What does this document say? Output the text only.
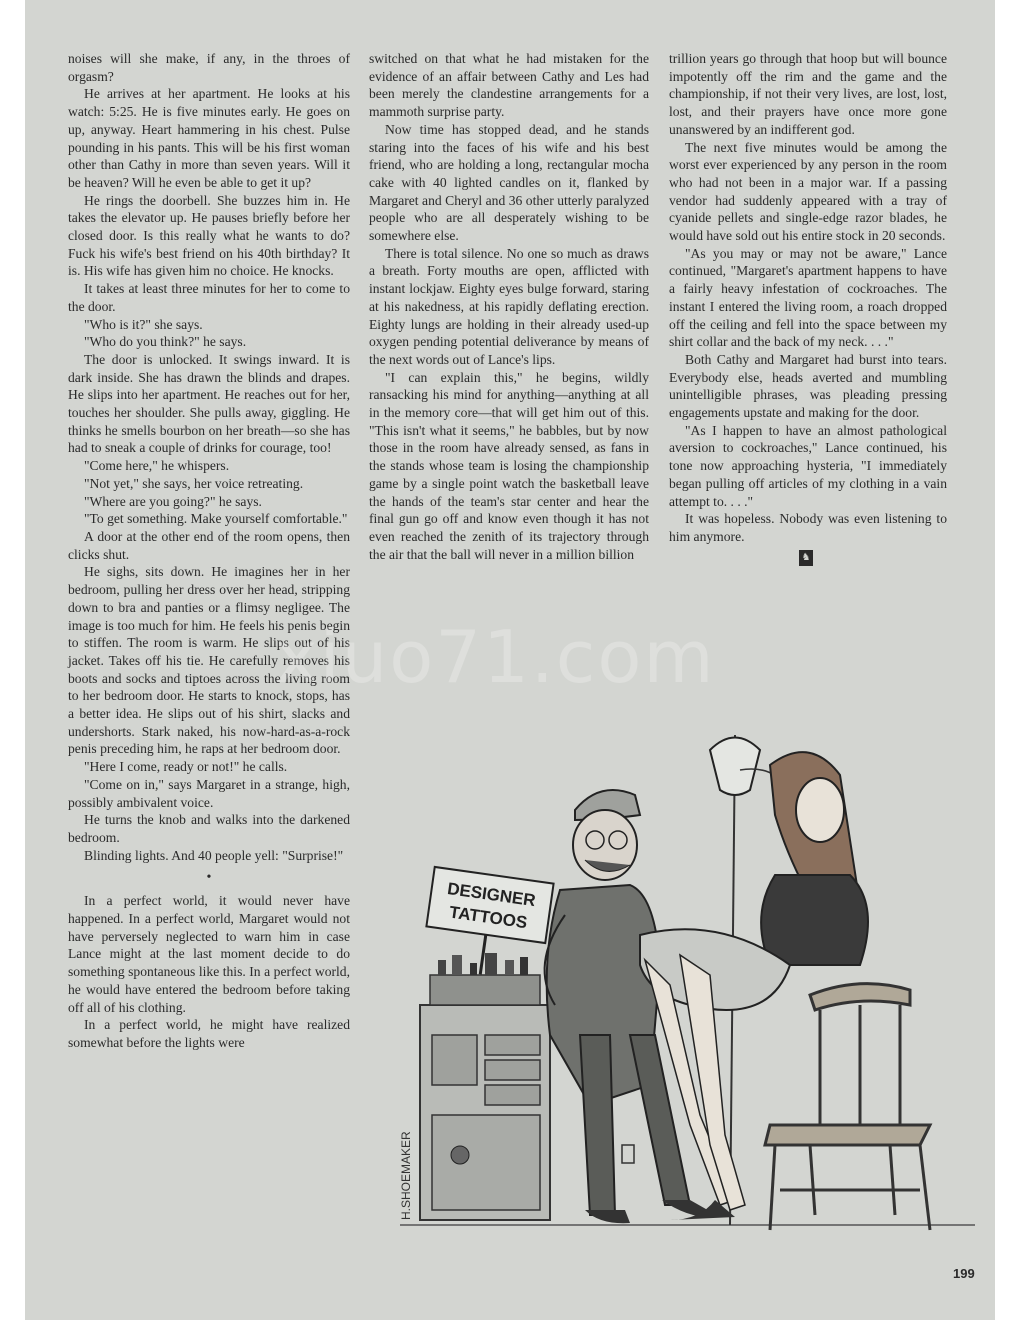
noises will she make, if any, in the throes of orgasm?

He arrives at her apartment. He looks at his watch: 5:25. He is five minutes early. He goes on up, anyway. Heart hammering in his chest. Pulse pounding in his pants. This will be his first woman other than Cathy in more than seven years. Will it be heaven? Will he even be able to get it up?

He rings the doorbell. She buzzes him in. He takes the elevator up. He pauses briefly before her closed door. Is this really what he wants to do? Fuck his wife's best friend on his 40th birthday? It is. His wife has given him no choice. He knocks.

It takes at least three minutes for her to come to the door.

"Who is it?" she says.

"Who do you think?" he says.

The door is unlocked. It swings inward. It is dark inside. She has drawn the blinds and drapes. He slips into her apartment. He reaches out for her, touches her shoulder. She pulls away, giggling. He thinks he smells bourbon on her breath—so she has had to sneak a couple of drinks for courage, too!

"Come here," he whispers.

"Not yet," she says, her voice retreating.

"Where are you going?" he says.

"To get something. Make yourself comfortable."

A door at the other end of the room opens, then clicks shut.

He sighs, sits down. He imagines her in her bedroom, pulling her dress over her head, stripping down to bra and panties or a flimsy negligee. The image is too much for him. He feels his penis begin to stiffen. The room is warm. He slips out of his jacket. Takes off his tie. He carefully removes his boots and socks and tiptoes across the living room to her bedroom door. He starts to knock, stops, has a better idea. He slips out of his shirt, slacks and undershorts. Stark naked, his now-hard-as-a-rock penis preceding him, he raps at her bedroom door.

"Here I come, ready or not!" he calls.

"Come on in," says Margaret in a strange, high, possibly ambivalent voice.

He turns the knob and walks into the darkened bedroom.

Blinding lights. And 40 people yell: "Surprise!"

•

In a perfect world, it would never have happened. In a perfect world, Margaret would not have perversely neglected to warn him in case Lance might at the last moment decide to do something spontaneous like this. In a perfect world, he would have entered the bedroom before taking off all of his clothing.

In a perfect world, he might have realized somewhat before the lights were

switched on that what he had mistaken for the evidence of an affair between Cathy and Les had been merely the clandestine arrangements for a mammoth surprise party.

Now time has stopped dead, and he stands staring into the faces of his wife and his best friend, who are holding a long, rectangular mocha cake with 40 lighted candles on it, flanked by Margaret and Cheryl and 36 other utterly paralyzed people who are all desperately wishing to be somewhere else.

There is total silence. No one so much as draws a breath. Forty mouths are open, afflicted with instant lockjaw. Eighty eyes bulge forward, staring at his nakedness, at his rapidly deflating erection. Eighty lungs are holding in their already used-up oxygen pending potential deliverance by means of the next words out of Lance's lips.

"I can explain this," he begins, wildly ransacking his mind for anything—anything at all in the memory core—that will get him out of this. "This isn't what it seems," he babbles, but by now those in the room have already sensed, as fans in the stands whose team is losing the championship game by a single point watch the basketball leave the hands of the team's star center and hear the final gun go off and know even though it has not even reached the zenith of its trajectory through the air that the ball will never in a million billion

trillion years go through that hoop but will bounce impotently off the rim and the game and the championship, if not their very lives, are lost, lost, lost, and their prayers have once more gone unanswered by an indifferent god.

The next five minutes would be among the worst ever experienced by any person in the room who had not been in a major war. If a passing vendor had suddenly appeared with a tray of cyanide pellets and single-edge razor blades, he would have sold out his entire stock in 20 seconds.

"As you may or may not be aware," Lance continued, "Margaret's apartment happens to have a fairly heavy infestation of cockroaches. The instant I entered the living room, a roach dropped off the ceiling and fell into the space between my shirt collar and the back of my neck. . . ."

Both Cathy and Margaret had burst into tears. Everybody else, heads averted and mumbling unintelligible phrases, was pleading pressing engagements upstate and making for the door.

"As I happen to have an almost pathological aversion to cockroaches," Lance continued, his tone now approaching hysteria, "I immediately began pulling off articles of my clothing in a vain attempt to. . . ."

It was hopeless. Nobody was even listening to him anymore.

♞
xiuo71.com
DESIGNER
TATTOOS
H.SHOEMAKER
199
